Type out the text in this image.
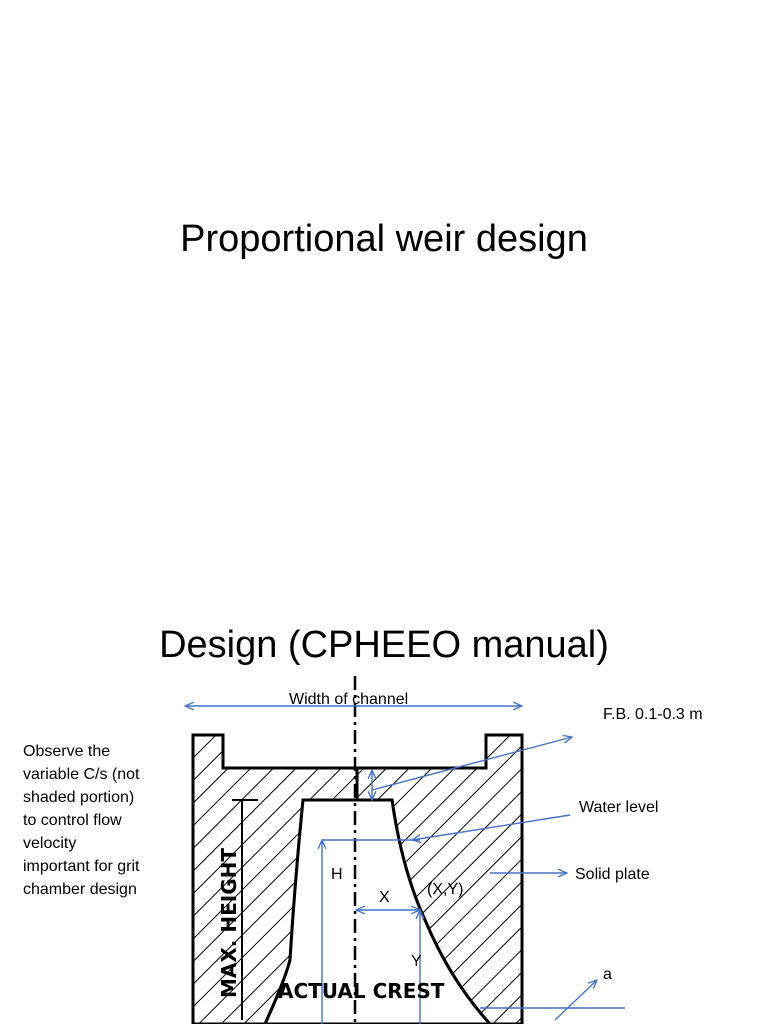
Proportional weir design
Design (CPHEEO manual)
Observe the variable C/s (not shaded portion) to control flow velocity important for grit chamber design
Width of channel
F.B. 0.1-0.3 m
Water level
Solid plate
H
X (X,Y)
Y
a
MAX. HEIGHT ACTUAL CREST
